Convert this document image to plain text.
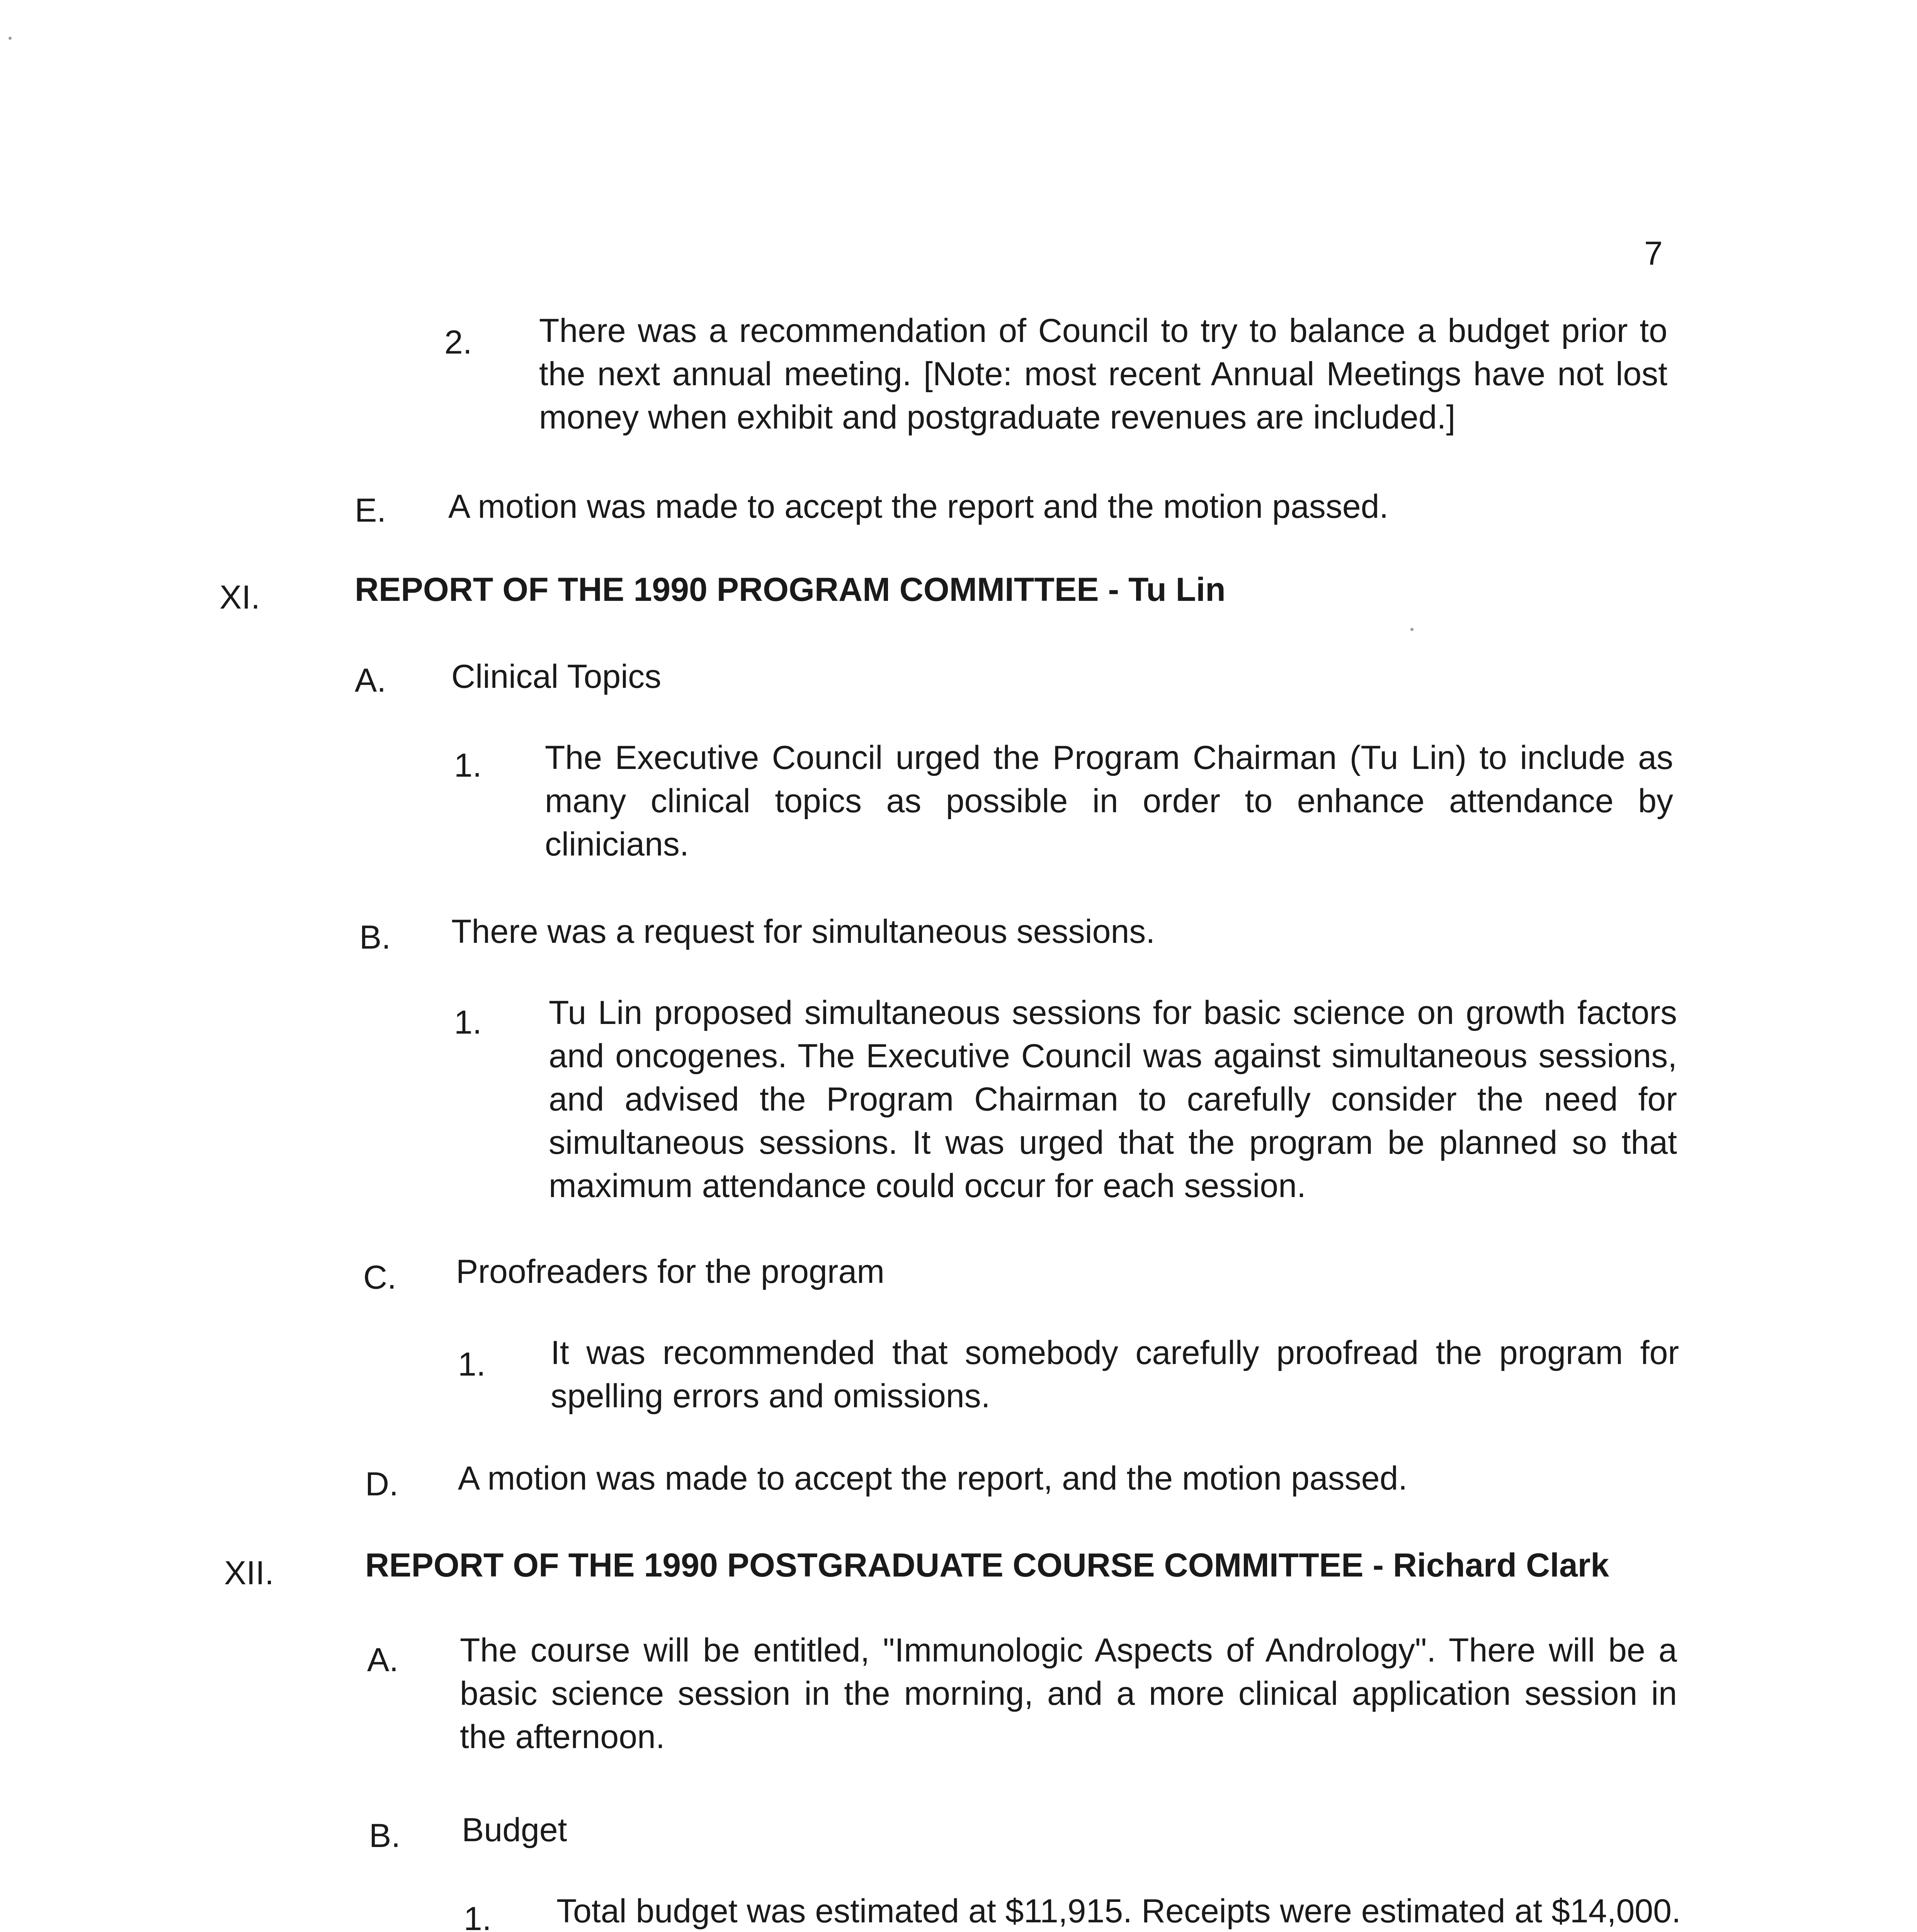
7
2. There was a recommendation of Council to try to balance a budget prior to the next annual meeting. [Note: most recent Annual Meetings have not lost money when exhibit and postgraduate revenues are included.]
E. A motion was made to accept the report and the motion passed.
XI.	REPORT OF THE 1990 PROGRAM COMMITTEE - Tu Lin
A. Clinical Topics
1. The Executive Council urged the Program Chairman (Tu Lin) to include as many clinical topics as possible in order to enhance attendance by clinicians.
B. There was a request for simultaneous sessions.
1. Tu Lin proposed simultaneous sessions for basic science on growth factors and oncogenes. The Executive Council was against simultaneous sessions, and advised the Program Chairman to carefully consider the need for simultaneous sessions. It was urged that the program be planned so that maximum attendance could occur for each session.
C. Proofreaders for the program
1. It was recommended that somebody carefully proofread the program for spelling errors and omissions.
D. A motion was made to accept the report, and the motion passed.
XII.	REPORT OF THE 1990 POSTGRADUATE COURSE COMMITTEE - Richard Clark
A. The course will be entitled, "Immunologic Aspects of Andrology". There will be a basic science session in the morning, and a more clinical application session in the afternoon.
B. Budget
1. Total budget was estimated at $11,915. Receipts were estimated at $14,000.
